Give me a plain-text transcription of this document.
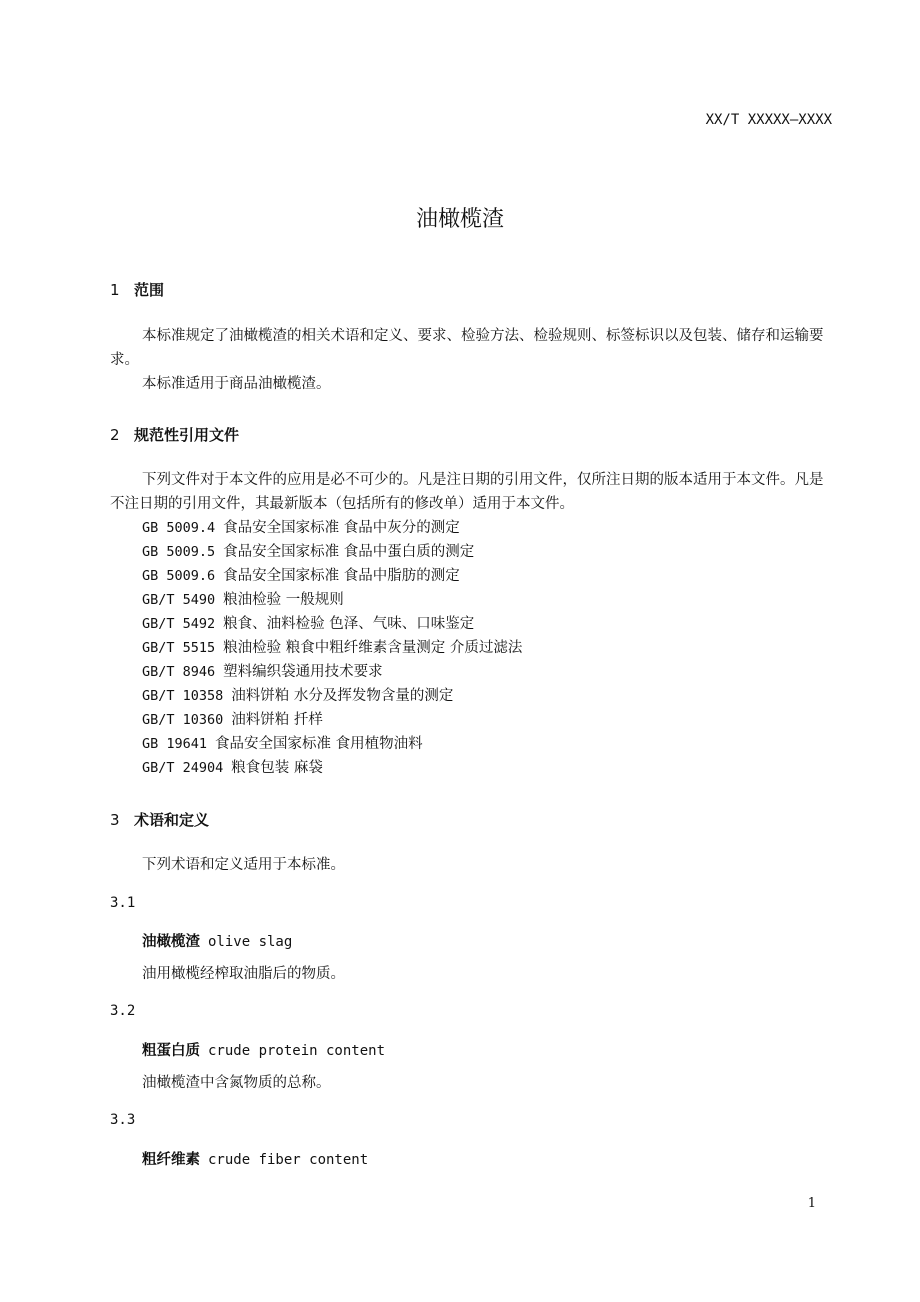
XX/T XXXXX—XXXX
油橄榄渣
1 范围
本标准规定了油橄榄渣的相关术语和定义、要求、检验方法、检验规则、标签标识以及包装、储存和运输要求。
本标准适用于商品油橄榄渣。
2 规范性引用文件
下列文件对于本文件的应用是必不可少的。凡是注日期的引用文件，仅所注日期的版本适用于本文件。凡是不注日期的引用文件，其最新版本（包括所有的修改单）适用于本文件。
GB 5009.4 食品安全国家标准 食品中灰分的测定
GB 5009.5 食品安全国家标准 食品中蛋白质的测定
GB 5009.6 食品安全国家标准 食品中脂肪的测定
GB/T 5490 粮油检验 一般规则
GB/T 5492 粮食、油料检验 色泽、气味、口味鉴定
GB/T 5515 粮油检验 粮食中粗纤维素含量测定 介质过滤法
GB/T 8946 塑料编织袋通用技术要求
GB/T 10358 油料饼粕 水分及挥发物含量的测定
GB/T 10360 油料饼粕 扦样
GB 19641 食品安全国家标准 食用植物油料
GB/T 24904 粮食包装 麻袋
3 术语和定义
下列术语和定义适用于本标准。
3.1
油橄榄渣 olive slag
油用橄榄经榨取油脂后的物质。
3.2
粗蛋白质 crude protein content
油橄榄渣中含氮物质的总称。
3.3
粗纤维素 crude fiber content
1
